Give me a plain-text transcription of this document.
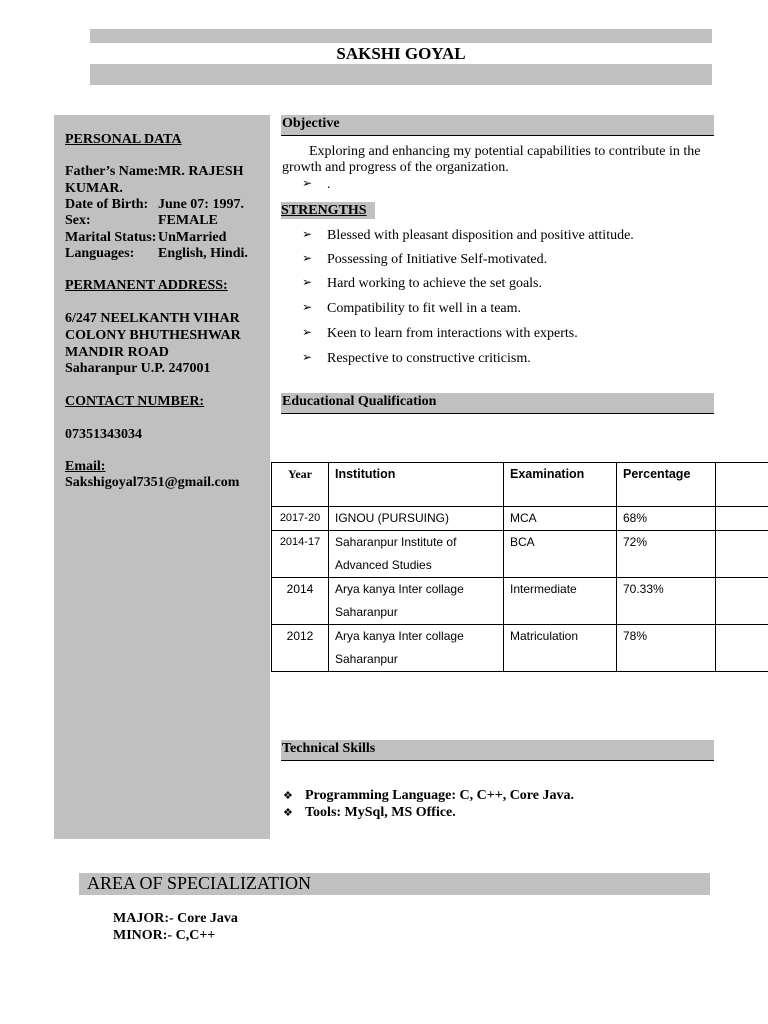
SAKSHI GOYAL
PERSONAL DATA
Father’s Name: MR. RAJESH
KUMAR.
Date of Birth: June 07: 1997.
Sex:	FEMALE
Marital Status: UnMarried
Languages: English, Hindi.
PERMANENT ADDRESS:
6/247 NEELKANTH VIHAR
COLONY BHUTHESHWAR
MANDIR ROAD
Saharanpur U.P. 247001
CONTACT NUMBER:
07351343034
Email:
Sakshigoyal7351@gmail.com
Objective
Exploring and enhancing my potential capabilities to contribute in the
growth and progress of the organization.
➢ .
STRENGTHS
➢ Blessed with pleasant disposition and positive attitude.
➢ Possessing of Initiative Self-motivated.
➢ Hard working to achieve the set goals.
➢ Compatibility to fit well in a team.
➢ Keen to learn from interactions with experts.
➢ Respective to constructive criticism.
Educational Qualification
Year	Institution	Examination	Percentage	
2017-20	IGNOU (PURSUING)	MCA	68%	
2014-17	Saharanpur Institute of
Advanced Studies	BCA	72%	
2014	Arya kanya Inter collage
Saharanpur	Intermediate	70.33%	
2012	Arya kanya Inter collage
Saharanpur	Matriculation	78%	
Technical Skills
❖ Programming Language: C, C++, Core Java.
❖ Tools: MySql, MS Office.
AREA OF SPECIALIZATION
MAJOR:- Core Java
MINOR:- C,C++
